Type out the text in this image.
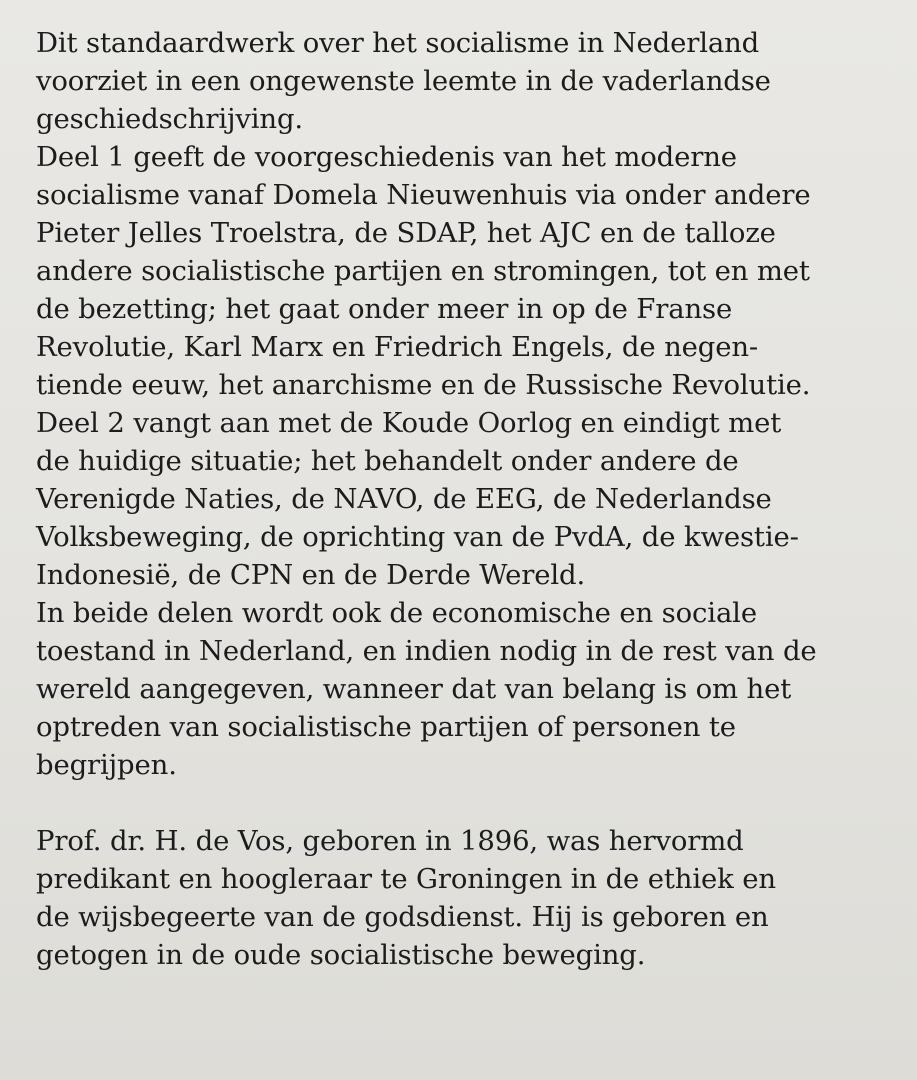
Dit standaardwerk over het socialisme in Nederland
voorziet in een ongewenste leemte in de vaderlandse
geschiedschrijving.
Deel 1 geeft de voorgeschiedenis van het moderne
socialisme vanaf Domela Nieuwenhuis via onder andere
Pieter Jelles Troelstra, de SDAP, het AJC en de talloze
andere socialistische partijen en stromingen, tot en met
de bezetting; het gaat onder meer in op de Franse
Revolutie, Karl Marx en Friedrich Engels, de negen-
tiende eeuw, het anarchisme en de Russische Revolutie.
Deel 2 vangt aan met de Koude Oorlog en eindigt met
de huidige situatie; het behandelt onder andere de
Verenigde Naties, de NAVO, de EEG, de Nederlandse
Volksbeweging, de oprichting van de PvdA, de kwestie-
Indonesië, de CPN en de Derde Wereld.
In beide delen wordt ook de economische en sociale
toestand in Nederland, en indien nodig in de rest van de
wereld aangegeven, wanneer dat van belang is om het
optreden van socialistische partijen of personen te
begrijpen.
Prof. dr. H. de Vos, geboren in 1896, was hervormd
predikant en hoogleraar te Groningen in de ethiek en
de wijsbegeerte van de godsdienst. Hij is geboren en
getogen in de oude socialistische beweging.
